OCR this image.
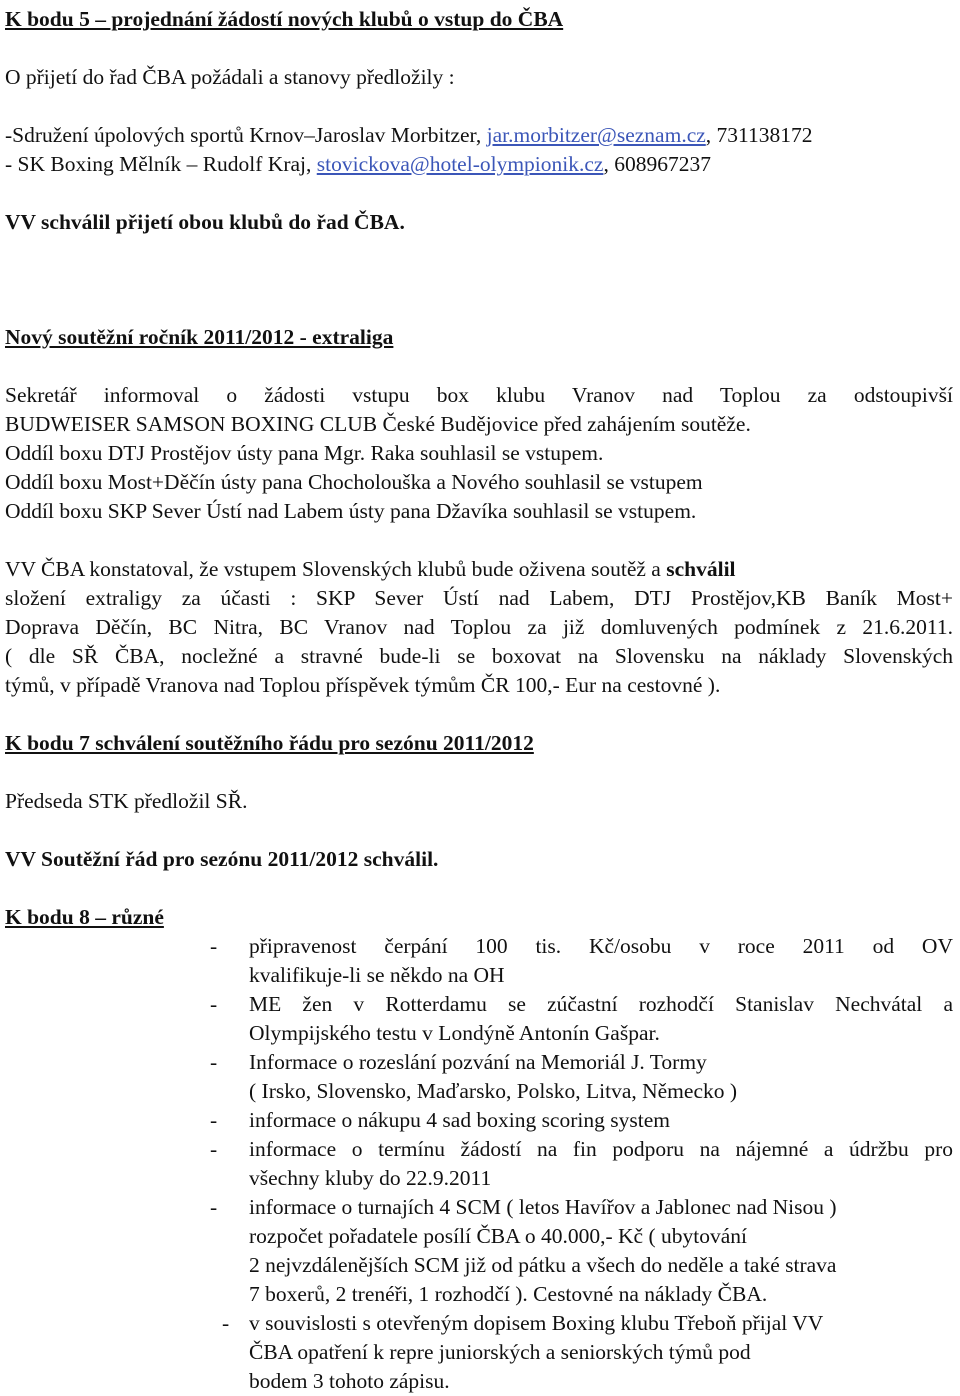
K bodu 5 – projednání žádostí nových klubů o vstup do ČBA
O přijetí do řad ČBA požádali a stanovy předložily :
-Sdružení úpolových sportů Krnov–Jaroslav Morbitzer, jar.morbitzer@seznam.cz, 731138172
- SK Boxing Mělník – Rudolf Kraj, stovickova@hotel-olympionik.cz, 608967237
VV schválil přijetí obou klubů do řad ČBA.
Nový soutěžní ročník 2011/2012 - extraliga
Sekretář informoval o žádosti vstupu box klubu Vranov nad Toplou za odstoupivší
BUDWEISER SAMSON BOXING CLUB České Budějovice před zahájením soutěže.
Oddíl boxu DTJ Prostějov ústy pana Mgr. Raka souhlasil se vstupem.
Oddíl boxu Most+Děčín ústy pana Chocholouška a Nového souhlasil se vstupem
Oddíl boxu SKP Sever Ústí nad Labem ústy pana Džavíka souhlasil se vstupem.
VV ČBA konstatoval, že vstupem Slovenských klubů bude oživena soutěž a schválil
složení extraligy za účasti : SKP Sever Ústí nad Labem, DTJ Prostějov,KB Baník Most+
Doprava Děčín, BC Nitra, BC Vranov nad Toplou za již domluvených podmínek z 21.6.2011.
( dle SŘ ČBA, nocležné a stravné bude-li se boxovat na Slovensku na náklady Slovenských
týmů, v případě Vranova nad Toplou příspěvek týmům ČR 100,- Eur na cestovné ).
K bodu 7 schválení soutěžního řádu pro sezónu 2011/2012
Předseda STK předložil SŘ.
VV Soutěžní řád pro sezónu 2011/2012 schválil.
K bodu 8 – různé
- připravenost čerpání 100 tis. Kč/osobu v roce 2011 od OV
kvalifikuje-li se někdo na OH
- ME žen v Rotterdamu se zúčastní rozhodčí Stanislav Nechvátal a
Olympijského testu v Londýně Antonín Gašpar.
- Informace o rozeslání pozvání na Memoriál J. Tormy
( Irsko, Slovensko, Maďarsko, Polsko, Litva, Německo )
- informace o nákupu 4 sad boxing scoring system
- informace o termínu žádostí na fin podporu na nájemné a údržbu pro
všechny kluby do 22.9.2011
- informace o turnajích 4 SCM ( letos Havířov a Jablonec nad Nisou )
rozpočet pořadatele posílí ČBA o 40.000,- Kč ( ubytování
2 nejvzdálenějších SCM již od pátku a všech do neděle a také strava
7 boxerů, 2 trenéři, 1 rozhodčí ). Cestovné na náklady ČBA.
- v souvislosti s otevřeným dopisem Boxing klubu Třeboň přijal VV
ČBA opatření k repre juniorských a seniorských týmů pod
bodem 3 tohoto zápisu.
